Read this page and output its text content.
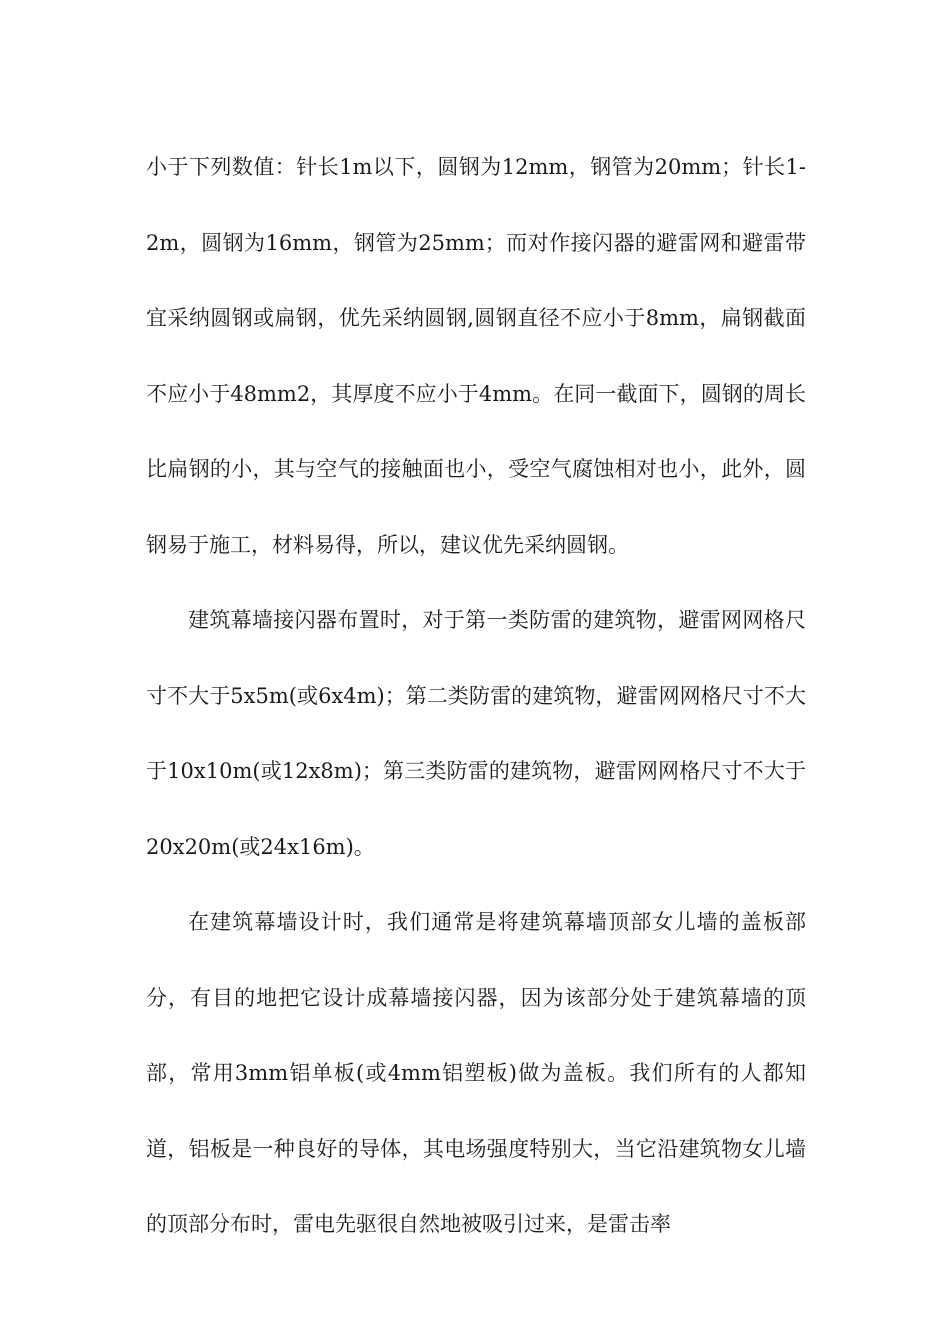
小于下列数值：针长1m以下，圆钢为12mm，钢管为20mm；针长1-2m，圆钢为16mm，钢管为25mm；而对作接闪器的避雷网和避雷带宜采纳圆钢或扁钢，优先采纳圆钢,圆钢直径不应小于8mm，扁钢截面不应小于48mm2，其厚度不应小于4mm。在同一截面下，圆钢的周长比扁钢的小，其与空气的接触面也小，受空气腐蚀相对也小，此外，圆钢易于施工，材料易得，所以，建议优先采纳圆钢。

建筑幕墙接闪器布置时，对于第一类防雷的建筑物，避雷网网格尺寸不大于5x5m(或6x4m)；第二类防雷的建筑物，避雷网网格尺寸不大于10x10m(或12x8m)；第三类防雷的建筑物，避雷网网格尺寸不大于20x20m(或24x16m)。

在建筑幕墙设计时，我们通常是将建筑幕墙顶部女儿墙的盖板部分，有目的地把它设计成幕墙接闪器，因为该部分处于建筑幕墙的顶部，常用3mm铝单板(或4mm铝塑板)做为盖板。我们所有的人都知道，铝板是一种良好的导体，其电场强度特别大，当它沿建筑物女儿墙的顶部分布时，雷电先驱很自然地被吸引过来，是雷击率
